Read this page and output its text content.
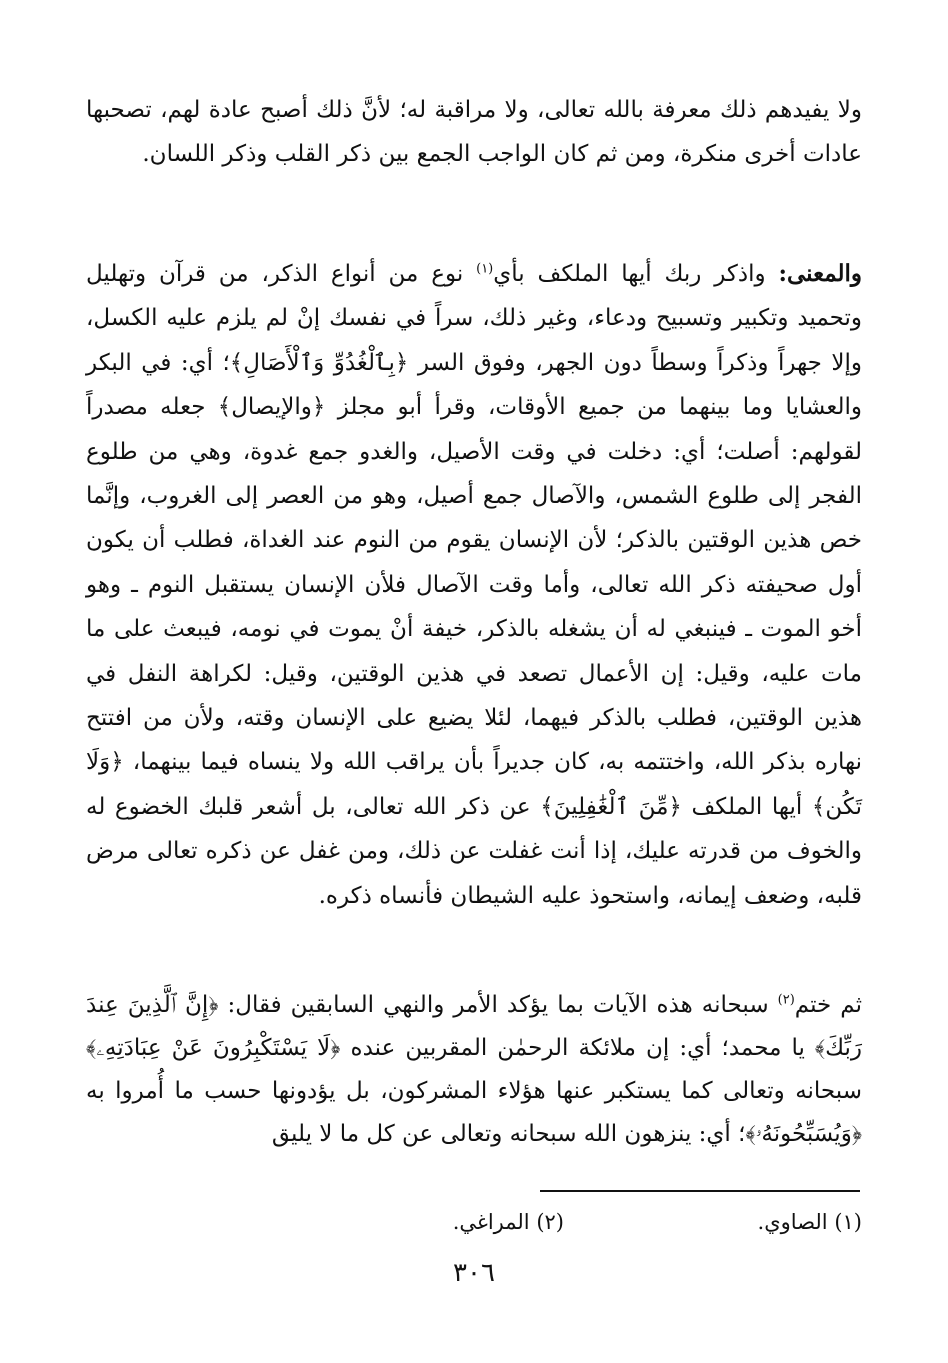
ولا يفيدهم ذلك معرفة بالله تعالى، ولا مراقبة له؛ لأنَّ ذلك أصبح عادة لهم، تصحبها عادات أخرى منكرة، ومن ثم كان الواجب الجمع بين ذكر القلب وذكر اللسان.

والمعنى: واذكر ربك أيها الملكف بأي$^{(١)}$ نوع من أنواع الذكر، من قرآن وتهليل وتحميد وتكبير وتسبيح ودعاء، وغير ذلك، سراً في نفسك إنْ لم يلزم عليه الكسل، وإلا جهراً وذكراً وسطاً دون الجهر، وفوق السر ﴿بِٱلْغُدُوِّ وَٱلْأَصَالِ﴾؛ أي: في البكر والعشايا وما بينهما من جميع الأوقات، وقرأ أبو مجلز ﴿والإيصال﴾ جعله مصدراً لقولهم: أصلت؛ أي: دخلت في وقت الأصيل، والغدو جمع غدوة، وهي من طلوع الفجر إلى طلوع الشمس، والآصال جمع أصيل، وهو من العصر إلى الغروب، وإنَّما خص هذين الوقتين بالذكر؛ لأن الإنسان يقوم من النوم عند الغداة، فطلب أن يكون أول صحيفته ذكر الله تعالى، وأما وقت الآصال فلأن الإنسان يستقبل النوم ـ وهو أخو الموت ـ فينبغي له أن يشغله بالذكر، خيفة أنْ يموت في نومه، فيبعث على ما مات عليه، وقيل: إن الأعمال تصعد في هذين الوقتين، وقيل: لكراهة النفل في هذين الوقتين، فطلب بالذكر فيهما، لئلا يضيع على الإنسان وقته، ولأن من افتتح نهاره بذكر الله، واختتمه به، كان جديراً بأن يراقب الله ولا ينساه فيما بينهما، ﴿وَلَا تَكُن﴾ أيها الملكف ﴿مِّنَ ٱلْغَٰفِلِينَ﴾ عن ذكر الله تعالى، بل أشعر قلبك الخضوع له والخوف من قدرته عليك، إذا أنت غفلت عن ذلك، ومن غفل عن ذكره تعالى مرض قلبه، وضعف إيمانه، واستحوذ عليه الشيطان فأنساه ذكره.

ثم ختم$^{(٢)}$ سبحانه هذه الآيات بما يؤكد الأمر والنهي السابقين فقال: ﴿إِنَّ ٱلَّذِينَ عِندَ رَبِّكَ﴾ يا محمد؛ أي: إن ملائكة الرحمٰن المقربين عنده ﴿لَا يَسْتَكْبِرُونَ عَنْ عِبَادَتِهِۦ﴾ سبحانه وتعالى كما يستكبر عنها هؤلاء المشركون، بل يؤدونها حسب ما أُمروا به ﴿وَيُسَبِّحُونَهُۥ﴾؛ أي: ينزهون الله سبحانه وتعالى عن كل ما لا يليق

(١) الصاوي.
(٢) المراغي.
٣٠٦
